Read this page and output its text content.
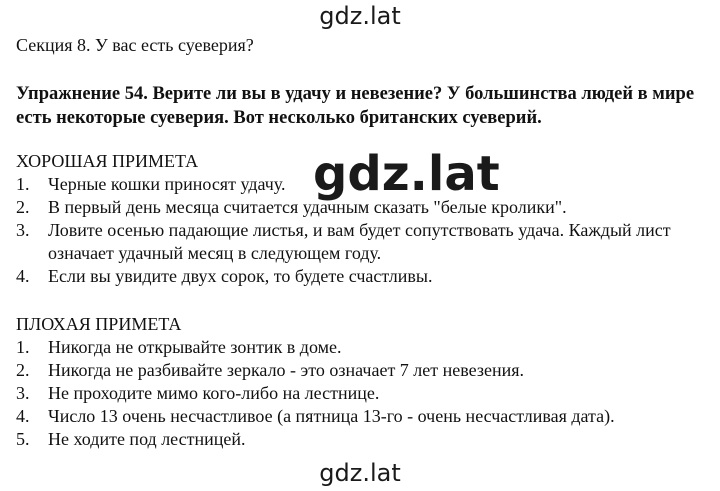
gdz.lat
Секция 8. У вас есть суеверия?
Упражнение 54. Верите ли вы в удачу и невезение? У большинства людей в мире есть некоторые суеверия. Вот несколько британских суеверий.
ХОРОШАЯ ПРИМЕТА
1. Черные кошки приносят удачу.
2. В первый день месяца считается удачным сказать "белые кролики".
3. Ловите осенью падающие листья, и вам будет сопутствовать удача. Каждый лист означает удачный месяц в следующем году.
4. Если вы увидите двух сорок, то будете счастливы.
ПЛОХАЯ ПРИМЕТА
1. Никогда не открывайте зонтик в доме.
2. Никогда не разбивайте зеркало - это означает 7 лет невезения.
3. Не проходите мимо кого-либо на лестнице.
4. Число 13 очень несчастливое (а пятница 13-го - очень несчастливая дата).
5. Не ходите под лестницей.
gdz.lat
gdz.lat
